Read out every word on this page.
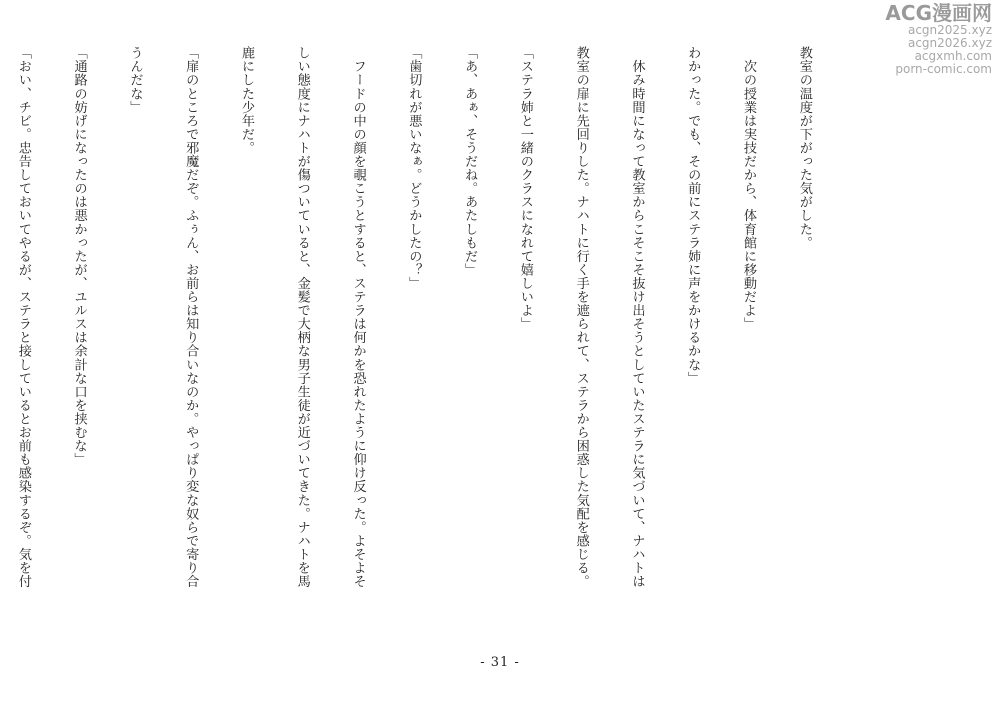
教室の温度が下がった気がした。

　次の授業は実技だから、体育館に移動だよ」

わかった。でも、その前にステラ姉に声をかけるかな」

　休み時間になって教室からこそこそ抜け出そうとしていたステラに気づいて、ナハトは

教室の扉に先回りした。ナハトに行く手を遮られて、ステラから困惑した気配を感じる。

「ステラ姉と一緒のクラスになれて嬉しいよ」

「あ、あぁ、そうだね。あたしもだ」

「歯切れが悪いなぁ。どうかしたの？」

　フードの中の顔を覗こうとすると、ステラは何かを恐れたように仰け反った。よそよそ

しい態度にナハトが傷ついていると、金髪で大柄な男子生徒が近づいてきた。ナハトを馬

鹿にした少年だ。

「扉のところで邪魔だぞ。ふぅん、お前らは知り合いなのか。やっぱり変な奴らで寄り合

うんだな」

「通路の妨げになったのは悪かったが、ユルスは余計な口を挟むな」

「おい、チビ。忠告しておいてやるが、ステラと接しているとお前も感染するぞ。気を付

- 31 -
ACG漫画网
acgn2025.xyz
acgn2026.xyz
acgxmh.com
porn-comic.com
